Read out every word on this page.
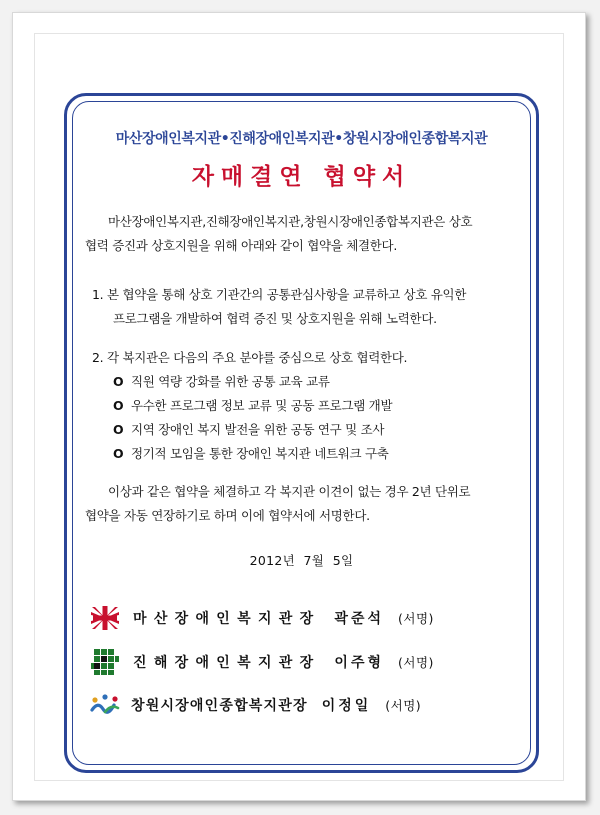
마산장애인복지관•진해장애인복지관•창원시장애인종합복지관
자매결연 협약서
마산장애인복지관,진해장애인복지관,창원시장애인종합복지관은 상호
협력 증진과 상호지원을 위해 아래와 같이 협약을 체결한다.
1. 본 협약을 통해 상호 기관간의 공통관심사항을 교류하고 상호 유익한
프로그램을 개발하여 협력 증진 및 상호지원을 위해 노력한다.
2. 각 복지관은 다음의 주요 분야를 중심으로 상호 협력한다.
O 직원 역량 강화를 위한 공통 교육 교류
O 우수한 프로그램 정보 교류 및 공동 프로그램 개발
O 지역 장애인 복지 발전을 위한 공동 연구 및 조사
O 정기적 모임을 통한 장애인 복지관 네트워크 구축
이상과 같은 협약을 체결하고 각 복지관 이견이 없는 경우 2년 단위로
협약을 자동 연장하기로 하며 이에 협약서에 서명한다.
2012년  7월  5일
마산장애인복지관장 곽준석 (서명)
진해장애인복지관장 이주형 (서명)
창원시장애인종합복지관장 이정일 (서명)
